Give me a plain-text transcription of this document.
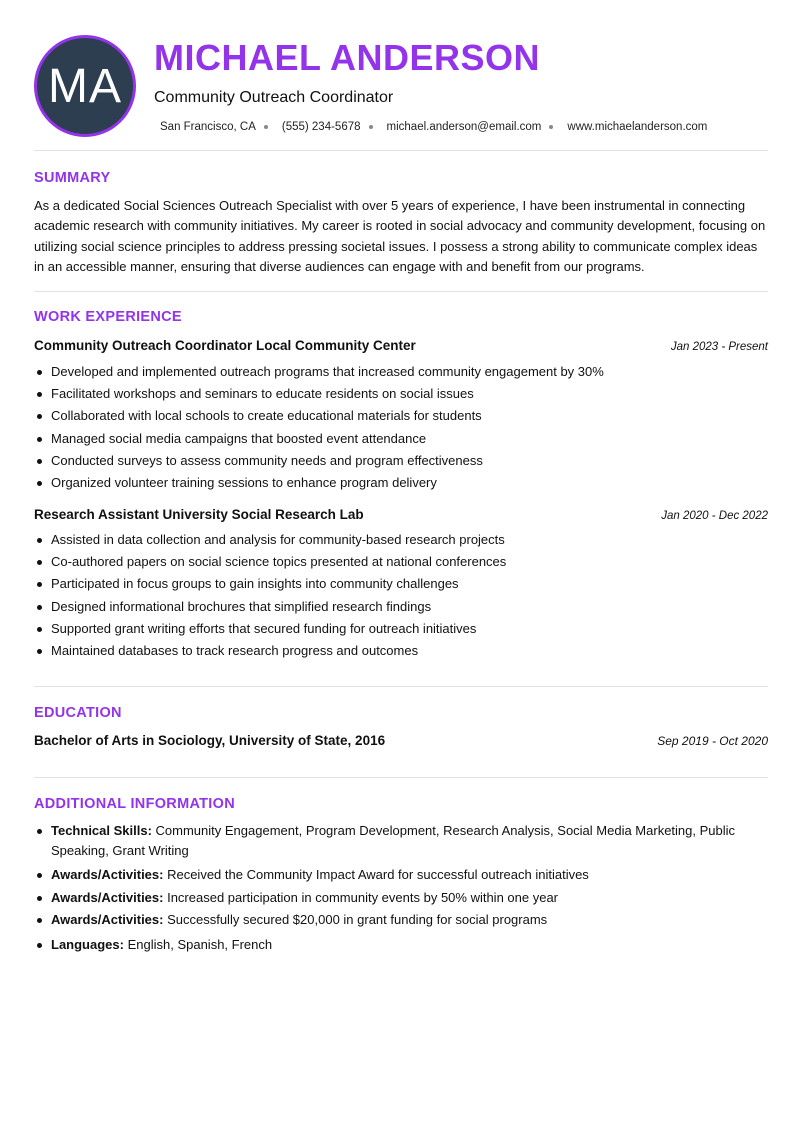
MA
MICHAEL ANDERSON
Community Outreach Coordinator
San Francisco, CA (555) 234-5678 michael.anderson@email.com www.michaelanderson.com
SUMMARY

As a dedicated Social Sciences Outreach Specialist with over 5 years of experience, I have been instrumental in connecting academic research with community initiatives. My career is rooted in social advocacy and community development, focusing on utilizing social science principles to address pressing societal issues. I possess a strong ability to communicate complex ideas in an accessible manner, ensuring that diverse audiences can engage with and benefit from our programs.

WORK EXPERIENCE
Community Outreach Coordinator Local Community Center	Jan 2023 - Present
Developed and implemented outreach programs that increased community engagement by 30%
Facilitated workshops and seminars to educate residents on social issues
Collaborated with local schools to create educational materials for students
Managed social media campaigns that boosted event attendance
Conducted surveys to assess community needs and program effectiveness
Organized volunteer training sessions to enhance program delivery
Research Assistant University Social Research Lab	Jan 2020 - Dec 2022
Assisted in data collection and analysis for community-based research projects
Co-authored papers on social science topics presented at national conferences
Participated in focus groups to gain insights into community challenges
Designed informational brochures that simplified research findings
Supported grant writing efforts that secured funding for outreach initiatives
Maintained databases to track research progress and outcomes
EDUCATION
Bachelor of Arts in Sociology, University of State, 2016	Sep 2019 - Oct 2020
ADDITIONAL INFORMATION
Technical Skills: Community Engagement, Program Development, Research Analysis, Social Media Marketing, Public Speaking, Grant Writing
Awards/Activities: Received the Community Impact Award for successful outreach initiatives
Awards/Activities: Increased participation in community events by 50% within one year
Awards/Activities: Successfully secured $20,000 in grant funding for social programs
Languages: English, Spanish, French
